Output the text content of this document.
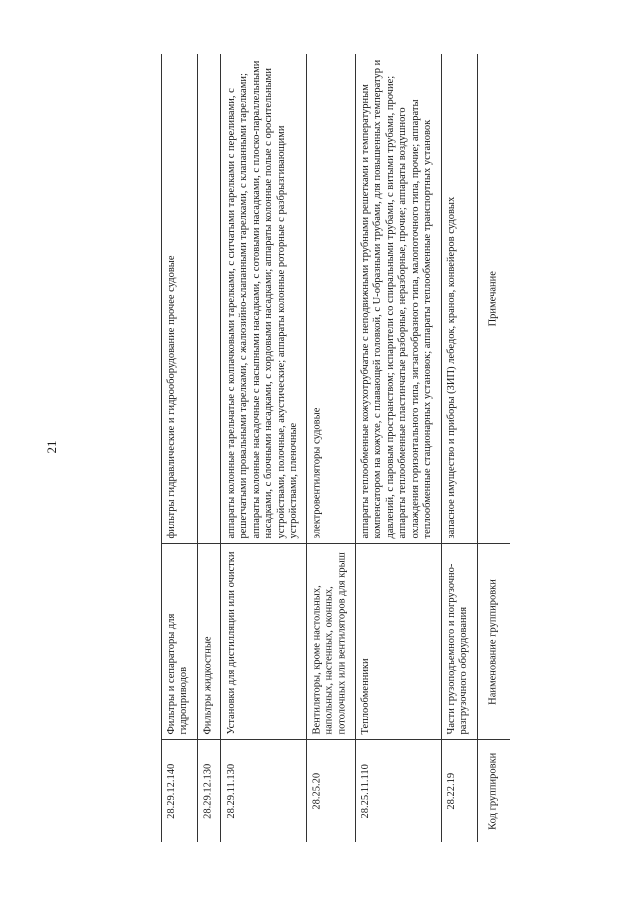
Код группировки	Наименование группировки	Примечание

28.22.19	Части грузоподъемного и погрузочно-разгрузочного оборудования	запасное имущество и приборы (ЗИП) лебедок, кранов, конвейеров судовых
28.25.11.110	Теплообменники	аппараты теплообменные кожухотрубчатые с неподвижными трубными решетками и температурным компенсатором на кожухе, с плавающей головкой, с U-образными трубами, для повышенных температур и давлений, с паровым пространством; испарители со спиральными трубами, с витыми трубами, прочие; аппараты теплообменные пластинчатые разборные, неразборные, прочие; аппараты воздушного охлаждения горизонтального типа, зигзагообразного типа, малопоточного типа, прочие; аппараты теплообменные стационарных установок; аппараты теплообменные транспортных установок
28.25.20	Вентиляторы, кроме настольных, напольных, настенных, оконных, потолочных или вентиляторов для крыш	электровентиляторы судовые
28.29.11.130	Установки для дистилляции или очистки	аппараты колонные тарельчатые с колпачковыми тарелками, с ситчатыми тарелками с переливами, с решетчатыми провальными тарелками, с жалюзийно-клапанными тарелками, с клапанными тарелками; аппараты колонные насадочные с насыпными насадками, с сотовыми насадками, с плоско-параллельными насадками, с блочными насадками, с хордовыми насадками; аппараты колонные полые с оросительными устройствами, полочные, акустические; аппараты колонные роторные с разбрызгивающими устройствами, пленочные
28.29.12.130	Фильтры жидкостные	
28.29.12.140	Фильтры и сепараторы для гидроприводов	фильтры гидравлические и гидрооборудование прочее судовые
21
